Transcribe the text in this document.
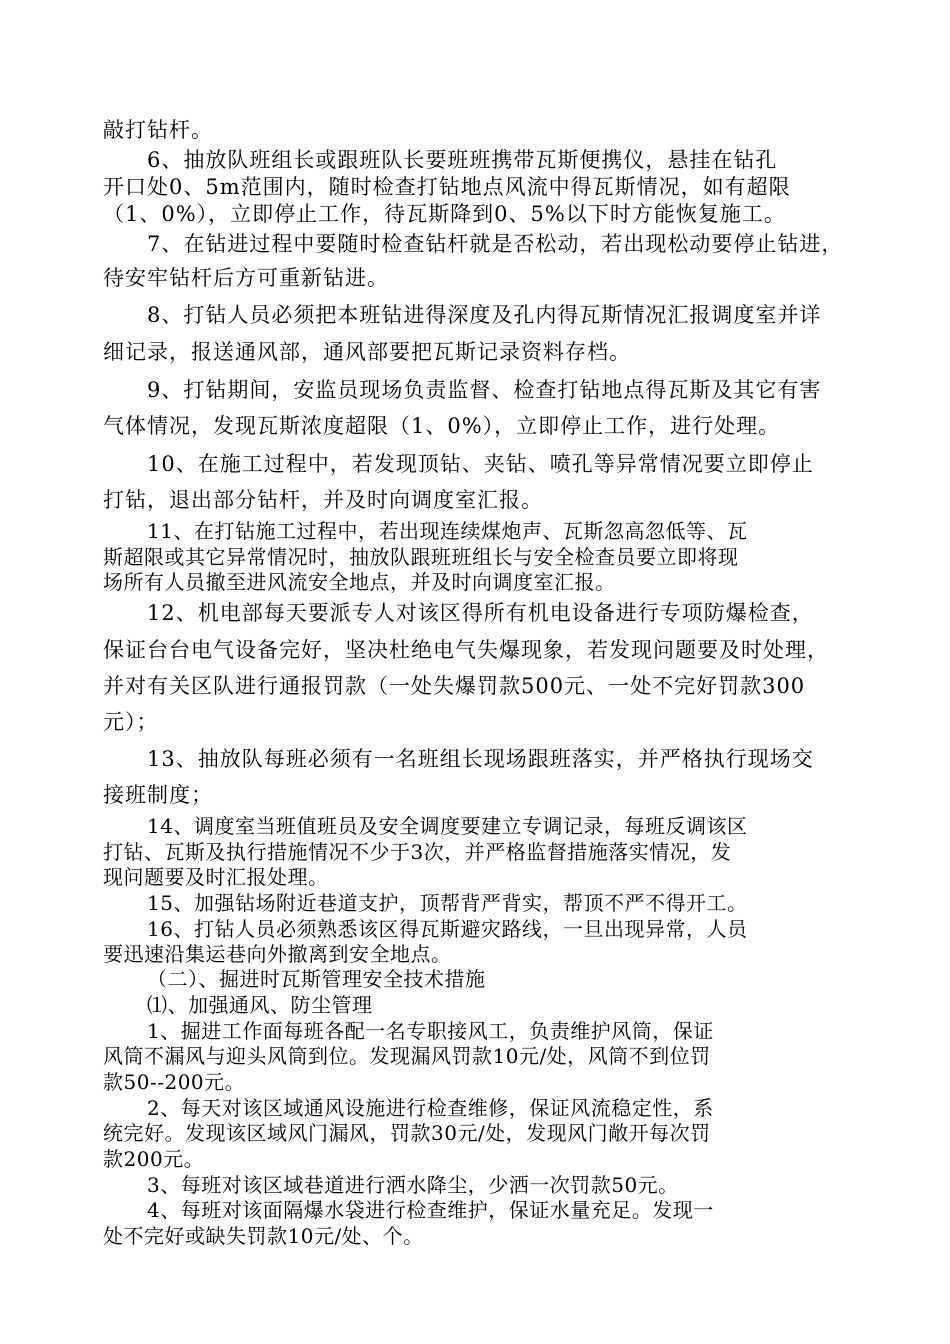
敲打钻杆。
6、抽放队班组长或跟班队长要班班携带瓦斯便携仪，悬挂在钻孔
开口处0、5m范围内，随时检查打钻地点风流中得瓦斯情况，如有超限
（1、0%），立即停止工作，待瓦斯降到0、5%以下时方能恢复施工。
7、在钻进过程中要随时检查钻杆就是否松动，若出现松动要停止钻进，
待安牢钻杆后方可重新钻进。
8、打钻人员必须把本班钻进得深度及孔内得瓦斯情况汇报调度室并详
细记录，报送通风部，通风部要把瓦斯记录资料存档。
9、打钻期间，安监员现场负责监督、检查打钻地点得瓦斯及其它有害
气体情况，发现瓦斯浓度超限（1、0%），立即停止工作，进行处理。
10、在施工过程中，若发现顶钻、夹钻、喷孔等异常情况要立即停止
打钻，退出部分钻杆，并及时向调度室汇报。
11、在打钻施工过程中，若出现连续煤炮声、瓦斯忽高忽低等、瓦
斯超限或其它异常情况时，抽放队跟班班组长与安全检查员要立即将现
场所有人员撤至进风流安全地点，并及时向调度室汇报。
12、机电部每天要派专人对该区得所有机电设备进行专项防爆检查，
保证台台电气设备完好，坚决杜绝电气失爆现象，若发现问题要及时处理，
并对有关区队进行通报罚款（一处失爆罚款500元、一处不完好罚款300
元）；
13、抽放队每班必须有一名班组长现场跟班落实，并严格执行现场交
接班制度；
14、调度室当班值班员及安全调度要建立专调记录，每班反调该区
打钻、瓦斯及执行措施情况不少于3次，并严格监督措施落实情况，发
现问题要及时汇报处理。
15、加强钻场附近巷道支护，顶帮背严背实，帮顶不严不得开工。
16、打钻人员必须熟悉该区得瓦斯避灾路线，一旦出现异常，人员
要迅速沿集运巷向外撤离到安全地点。
（二）、掘进时瓦斯管理安全技术措施
⑴、加强通风、防尘管理
1、掘进工作面每班各配一名专职接风工，负责维护风筒，保证
风筒不漏风与迎头风筒到位。发现漏风罚款10元/处，风筒不到位罚
款50--200元。
2、每天对该区域通风设施进行检查维修，保证风流稳定性，系
统完好。发现该区域风门漏风，罚款30元/处，发现风门敞开每次罚
款200元。
3、每班对该区域巷道进行洒水降尘，少洒一次罚款50元。
4、每班对该面隔爆水袋进行检查维护，保证水量充足。发现一
处不完好或缺失罚款10元/处、个。
